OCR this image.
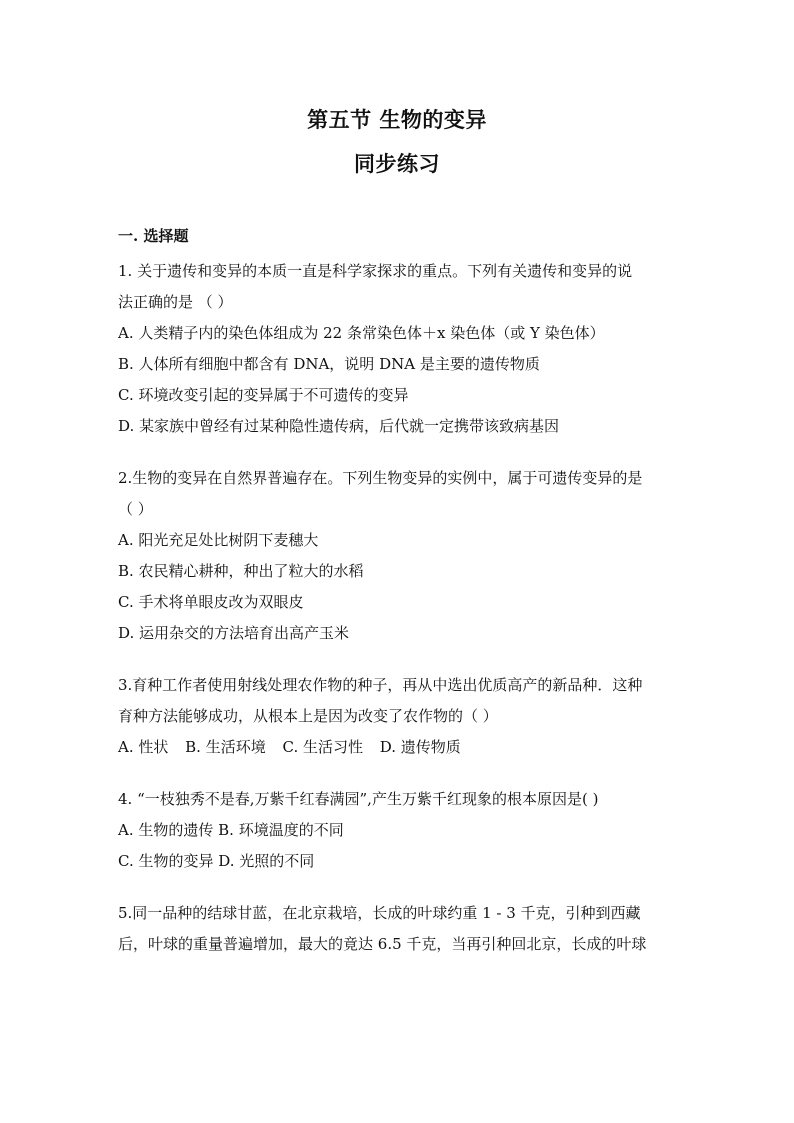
第五节 生物的变异
同步练习
一. 选择题

1. 关于遗传和变异的本质一直是科学家探求的重点。下列有关遗传和变异的说

法正确的是 （ ）

A. 人类精子内的染色体组成为 22 条常染色体＋x 染色体（或 Y 染色体）

B. 人体所有细胞中都含有 DNA，说明 DNA 是主要的遗传物质

C. 环境改变引起的变异属于不可遗传的变异

D. 某家族中曾经有过某种隐性遗传病，后代就一定携带该致病基因

2.生物的变异在自然界普遍存在。下列生物变异的实例中，属于可遗传变异的是

（ ）

A. 阳光充足处比树阴下麦穗大

B. 农民精心耕种，种出了粒大的水稻

C. 手术将单眼皮改为双眼皮

D. 运用杂交的方法培育出高产玉米

3.育种工作者使用射线处理农作物的种子，再从中选出优质高产的新品种．这种

育种方法能够成功，从根本上是因为改变了农作物的（ ）

A. 性状 B. 生活环境 C. 生活习性 D. 遗传物质

4. “一枝独秀不是春,万紫千红春满园”,产生万紫千红现象的根本原因是( )

A. 生物的遗传 B. 环境温度的不同

C. 生物的变异 D. 光照的不同

5.同一品种的结球甘蓝，在北京栽培，长成的叶球约重 1 - 3 千克，引种到西藏

后，叶球的重量普遍增加，最大的竟达 6.5 千克，当再引种回北京，长成的叶球
